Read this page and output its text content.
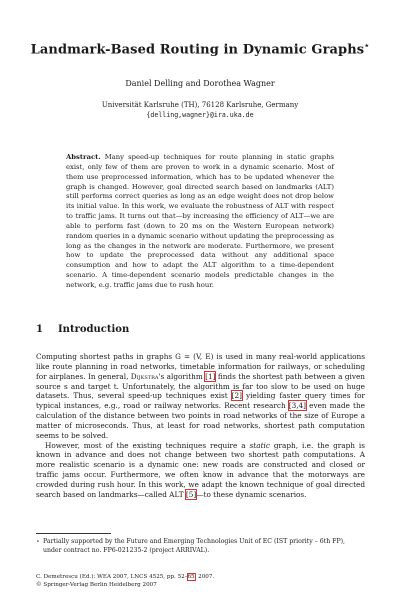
Landmark-Based Routing in Dynamic Graphs⋆
Daniel Delling and Dorothea Wagner
Universität Karlsruhe (TH), 76128 Karlsruhe, Germany
{delling,wagner}@ira.uka.de
Abstract. Many speed-up techniques for route planning in static graphs exist, only few of them are proven to work in a dynamic scenario. Most of them use preprocessed information, which has to be updated whenever the graph is changed. However, goal directed search based on landmarks (ALT) still performs correct queries as long as an edge weight does not drop below its initial value. In this work, we evaluate the robustness of ALT with respect to traffic jams. It turns out that—by increasing the efficiency of ALT—we are able to perform fast (down to 20 ms on the Western European network) random queries in a dynamic scenario without updating the preprocessing as long as the changes in the network are moderate. Furthermore, we present how to update the preprocessed data without any additional space consumption and how to adapt the ALT algorithm to a time-dependent scenario. A time-dependent scenario models predictable changes in the network, e.g. traffic jams due to rush hour.
1 Introduction

Computing shortest paths in graphs G = (V, E) is used in many real-world applications like route planning in road networks, timetable information for railways, or scheduling for airplanes. In general, Dijkstra's algorithm [1] finds the shortest path between a given source s and target t. Unfortunately, the algorithm is far too slow to be used on huge datasets. Thus, several speed-up techniques exist [2] yielding faster query times for typical instances, e.g., road or railway networks. Recent research [3,4] even made the calculation of the distance between two points in road networks of the size of Europe a matter of microseconds. Thus, at least for road networks, shortest path computation seems to be solved.

However, most of the existing techniques require a static graph, i.e. the graph is known in advance and does not change between two shortest path computations. A more realistic scenario is a dynamic one: new roads are constructed and closed or traffic jams occur. Furthermore, we often know in advance that the motorways are crowded during rush hour. In this work, we adapt the known technique of goal directed search based on landmarks—called ALT [5]—to these dynamic scenarios.

⋆ Partially supported by the Future and Emerging Technologies Unit of EC (IST priority – 6th FP), under contract no. FP6-021235-2 (project ARRIVAL).
C. Demetrescu (Ed.): WEA 2007, LNCS 4525, pp. 52–65, 2007.
© Springer-Verlag Berlin Heidelberg 2007
